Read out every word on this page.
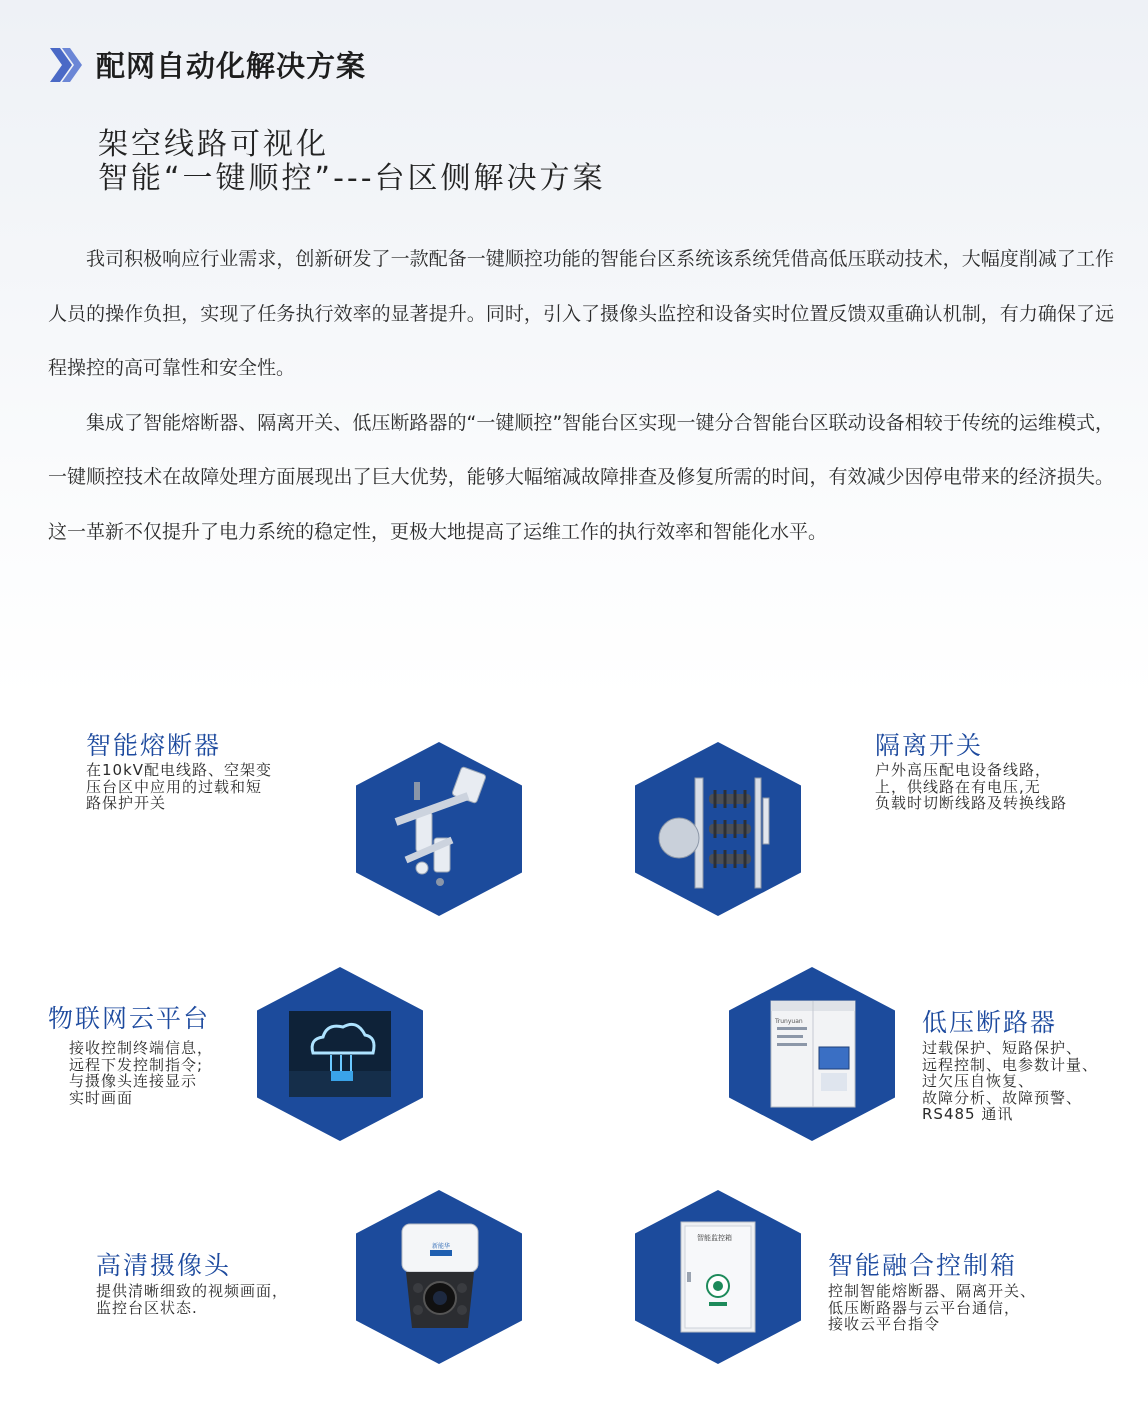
配网自动化解决方案
架空线路可视化
智能“一键顺控”---台区侧解决方案

我司积极响应行业需求，创新研发了一款配备一键顺控功能的智能台区系统该系统凭借高低压联动技术，大幅度削减了工作人员的操作负担，实现了任务执行效率的显著提升。同时，引入了摄像头监控和设备实时位置反馈双重确认机制，有力确保了远程操控的高可靠性和安全性。

集成了智能熔断器、隔离开关、低压断路器的“一键顺控”智能台区实现一键分合智能台区联动设备相较于传统的运维模式，一键顺控技术在故障处理方面展现出了巨大优势，能够大幅缩减故障排查及修复所需的时间，有效减少因停电带来的经济损失。这一革新不仅提升了电力系统的稳定性，更极大地提高了运维工作的执行效率和智能化水平。

智能熔断器
在10kV配电线路、空架变
压台区中应用的过载和短
路保护开关
隔离开关
户外高压配电设备线路，
上，供线路在有电压,无
负载时切断线路及转换线路
物联网云平台
接收控制终端信息，
远程下发控制指令;
与摄像头连接显示
实时画面
低压断路器
过载保护、短路保护、
远程控制、电参数计量、
过欠压自恢复、
故障分析、故障预警、
RS485 通讯
Trunyuan
高清摄像头
提供清晰细致的视频画面，
监控台区状态.
新能华
智能融合控制箱
控制智能熔断器、隔离开关、
低压断路器与云平台通信，
接收云平台指令
智能监控箱
